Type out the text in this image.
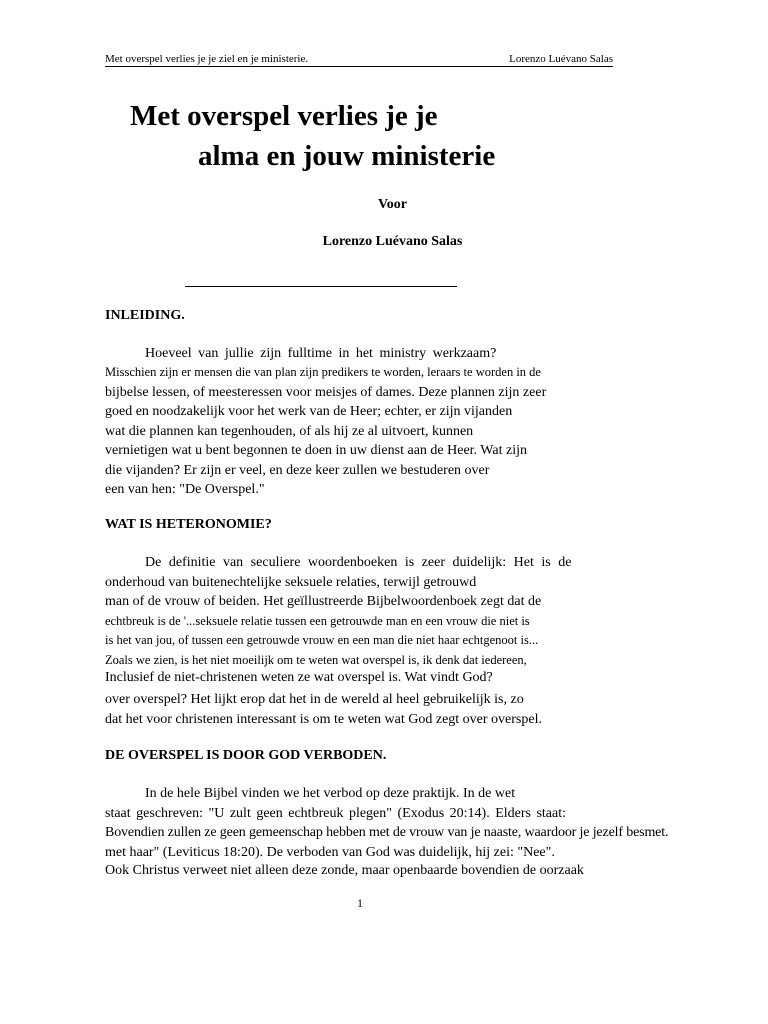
Met overspel verlies je je ziel en je ministerie.	Lorenzo Luévano Salas
Met overspel verlies je je
alma en jouw ministerie
Voor
Lorenzo Luévano Salas
INLEIDING.
Hoeveel van jullie zijn fulltime in het ministry werkzaam?
Misschien zijn er mensen die van plan zijn predikers te worden, leraars te worden in de
bijbelse lessen, of meesteressen voor meisjes of dames. Deze plannen zijn zeer
goed en noodzakelijk voor het werk van de Heer; echter, er zijn vijanden
wat die plannen kan tegenhouden, of als hij ze al uitvoert, kunnen
vernietigen wat u bent begonnen te doen in uw dienst aan de Heer. Wat zijn
die vijanden? Er zijn er veel, en deze keer zullen we bestuderen over
een van hen: "De Overspel."
WAT IS HETERONOMIE?
De definitie van seculiere woordenboeken is zeer duidelijk: Het is de
onderhoud van buitenechtelijke seksuele relaties, terwijl getrouwd
man of de vrouw of beiden. Het geïllustreerde Bijbelwoordenboek zegt dat de
echtbreuk is de '...seksuele relatie tussen een getrouwde man en een vrouw die niet is
is het van jou, of tussen een getrouwde vrouw en een man die niet haar echtgenoot is...
Zoals we zien, is het niet moeilijk om te weten wat overspel is, ik denk dat iedereen,
Inclusief de niet-christenen weten ze wat overspel is. Wat vindt God?
over overspel? Het lijkt erop dat het in de wereld al heel gebruikelijk is, zo
dat het voor christenen interessant is om te weten wat God zegt over overspel.
DE OVERSPEL IS DOOR GOD VERBODEN.
In de hele Bijbel vinden we het verbod op deze praktijk. In de wet
staat geschreven: "U zult geen echtbreuk plegen" (Exodus 20:14). Elders staat:
Bovendien zullen ze geen gemeenschap hebben met de vrouw van je naaste, waardoor je jezelf besmet.
met haar" (Leviticus 18:20). De verboden van God was duidelijk, hij zei: "Nee".
Ook Christus verweet niet alleen deze zonde, maar openbaarde bovendien de oorzaak
1
